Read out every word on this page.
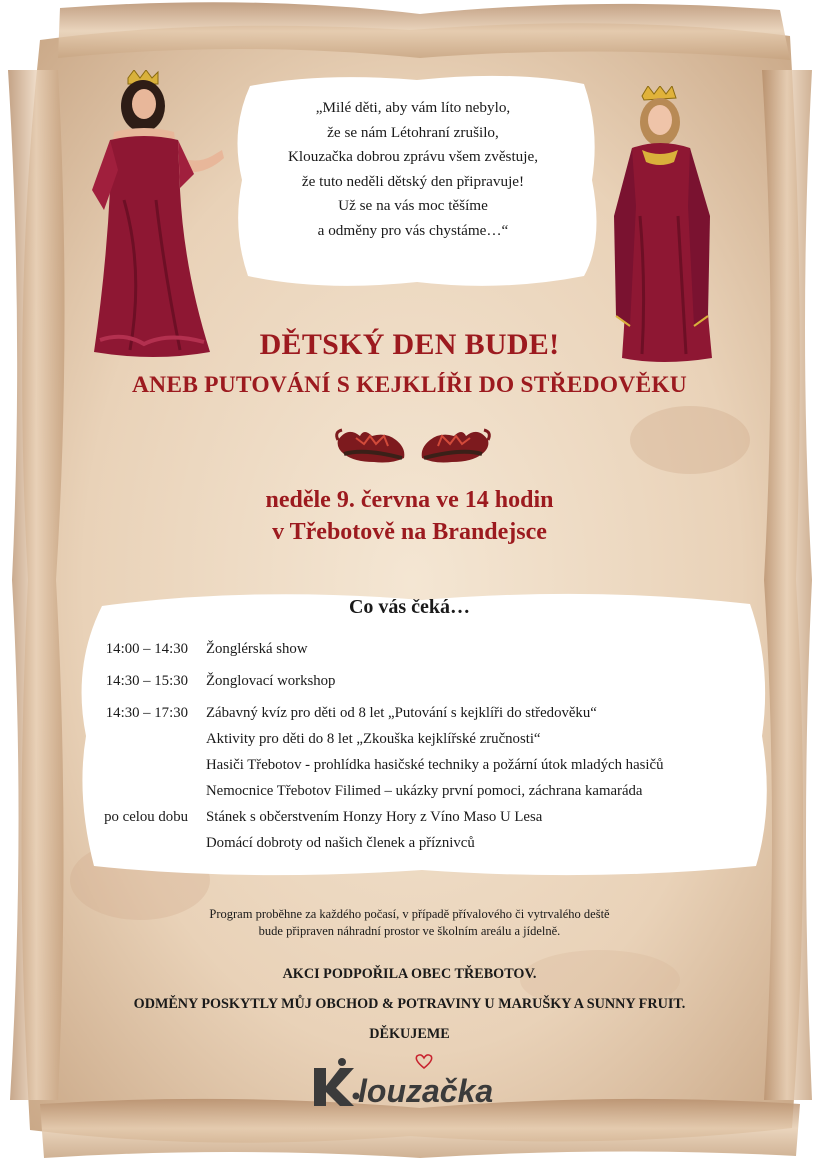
„Milé děti, aby vám líto nebylo,
že se nám Létohraní zrušilo,
Klouzačka dobrou zprávu všem zvěstuje,
že tuto neděli dětský den připravuje!
Už se na vás moc těšíme
a odměny pro vás chystáme…“
DĚTSKÝ DEN BUDE!
ANEB PUTOVÁNÍ S KEJKLÍŘI DO STŘEDOVĚKU
neděle 9. června ve 14 hodin
v Třebotově na Brandejsce
Co vás čeká…
14:00 – 14:30 Žonglérská show
14:30 – 15:30 Žonglovací workshop
14:30 – 17:30 Zábavný kvíz pro děti od 8 let „Putování s kejklíři do středověku“
Aktivity pro děti do 8 let „Zkouška kejklířské zručnosti“
Hasiči Třebotov - prohlídka hasičské techniky a požární útok mladých hasičů
Nemocnice Třebotov Filimed – ukázky první pomoci, záchrana kamaráda
po celou dobu Stánek s občerstvením Honzy Hory z Víno Maso U Lesa
Domácí dobroty od našich členek a příznivců
Program proběhne za každého počasí, v případě přívalového či vytrvalého deště
bude připraven náhradní prostor ve školním areálu a jídelně.
AKCI PODPOŘILA OBEC TŘEBOTOV.
ODMĚNY POSKYTLY MŮJ OBCHOD & POTRAVINY U MARUŠKY A SUNNY FRUIT.
DĚKUJEME
louzačka
